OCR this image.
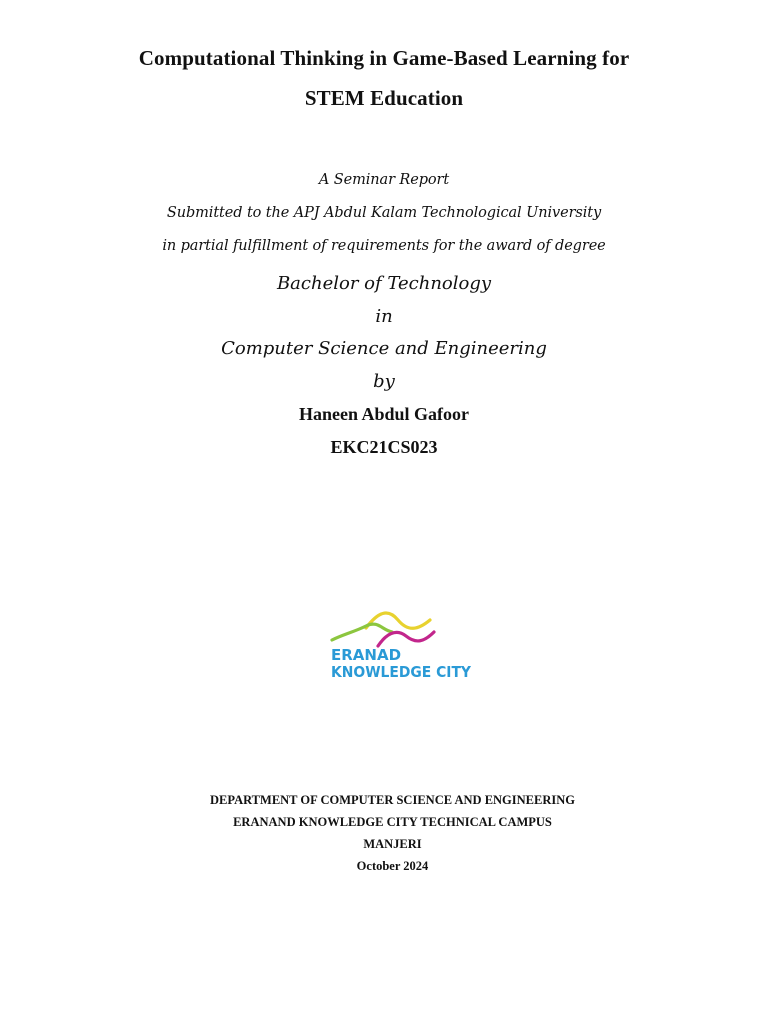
Computational Thinking in Game-Based Learning for
STEM Education
A Seminar Report
Submitted to the APJ Abdul Kalam Technological University
in partial fulfillment of requirements for the award of degree
Bachelor of Technology
in
Computer Science and Engineering
by
Haneen Abdul Gafoor
EKC21CS023
ERANAD
KNOWLEDGE CITY
DEPARTMENT OF COMPUTER SCIENCE AND ENGINEERING
ERANAND KNOWLEDGE CITY TECHNICAL CAMPUS
MANJERI
October 2024
